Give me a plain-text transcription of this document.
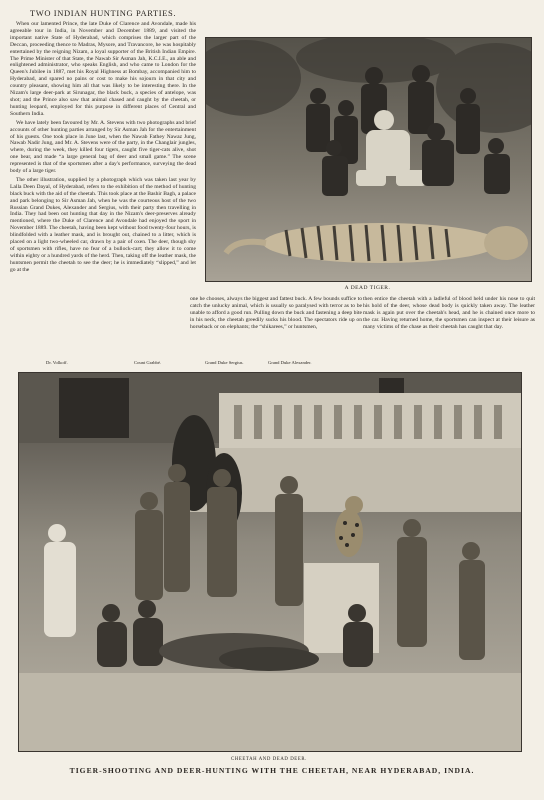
TWO INDIAN HUNTING PARTIES.

When our lamented Prince, the late Duke of Clarence and Avondale, made his agreeable tour in India, in November and December 1889, and visited the important native State of Hyderabad, which comprises the larger part of the Deccan, proceeding thence to Madras, Mysore, and Travancore, he was hospitably entertained by the reigning Nizam, a loyal supporter of the British Indian Empire. The Prime Minister of that State, the Nawab Sir Asman Jah, K.C.I.E., an able and enlightened administrator, who speaks English, and who came to London for the Queen's Jubilee in 1887, met his Royal Highness at Bombay, accompanied him to Hyderabad, and spared no pains or cost to make his sojourn in that city and country pleasant, showing him all that was likely to be interesting there. In the Nizam's large deer-park at Sirunagar, the black buck, a species of antelope, was shot; and the Prince also saw that animal chased and caught by the cheetah, or hunting leopard, employed for this purpose in different places of Central and Southern India.

We have lately been favoured by Mr. A. Stevens with two photographs and brief accounts of other hunting parties arranged by Sir Asman Jah for the entertainment of his guests. One took place in June last, when the Nawab Fathey Nawaz Jung, Nawab Nadir Jung, and Mr. A. Stevens were of the party, in the Changlair jungles, where, during the week, they killed four tigers, caught five tiger-cats alive, shot one bear, and made “a large general bag of deer and small game.” The scene represented is that of the sportsmen after a day's performance, surveying the dead body of a large tiger.

The other illustration, supplied by a photograph which was taken last year by Lalla Deen Dayal, of Hyderabad, refers to the exhibition of the method of hunting black buck with the aid of the cheetah. This took place at the Bashir Bagh, a palace and park belonging to Sir Asman Jah, when he was the courteous host of the two Russian Grand Dukes, Alexander and Sergius, with their party then travelling in India. They had been out hunting that day in the Nizam's deer-preserves already mentioned, where the Duke of Clarence and Avondale had enjoyed the sport in November 1889. The cheetah, having been kept without food twenty-four hours, is blindfolded with a leather mask, and is brought out, chained to a litter, which is placed on a light two-wheeled car, drawn by a pair of oxen. The deer, though shy of sportsmen with rifles, have no fear of a bullock-cart; they allow it to come within eighty or a hundred yards of the herd. Then, taking off the leather mask, the huntsmen permit the cheetah to see the deer; he is immediately “slipped,” and let go at the

A DEAD TIGER.

one he chooses, always the biggest and fattest buck. A few bounds suffice to catch the unlucky animal, which is usually so paralysed with terror as to be unable to afford a good run. Pulling down the buck and fastening a deep bite in his neck, the cheetah greedily sucks his blood. The spectators ride up on horseback or on elephants; the “shikarees,” or huntsmen,

then entice the cheetah with a ladleful of blood held under his nose to quit his hold of the deer, whose dead body is quickly taken away. The leather mask is again put over the cheetah's head, and he is chained once more to the car. Having returned home, the sportsmen can inspect at their leisure as many victims of the chase as their cheetah has caught that day.

Dr. Volkoff.	Count Grabbé.	Grand Duke Sergius.	Grand Duke Alexander.
CHEETAH AND DEAD DEER.
TIGER-SHOOTING AND DEER-HUNTING WITH THE CHEETAH, NEAR HYDERABAD, INDIA.
